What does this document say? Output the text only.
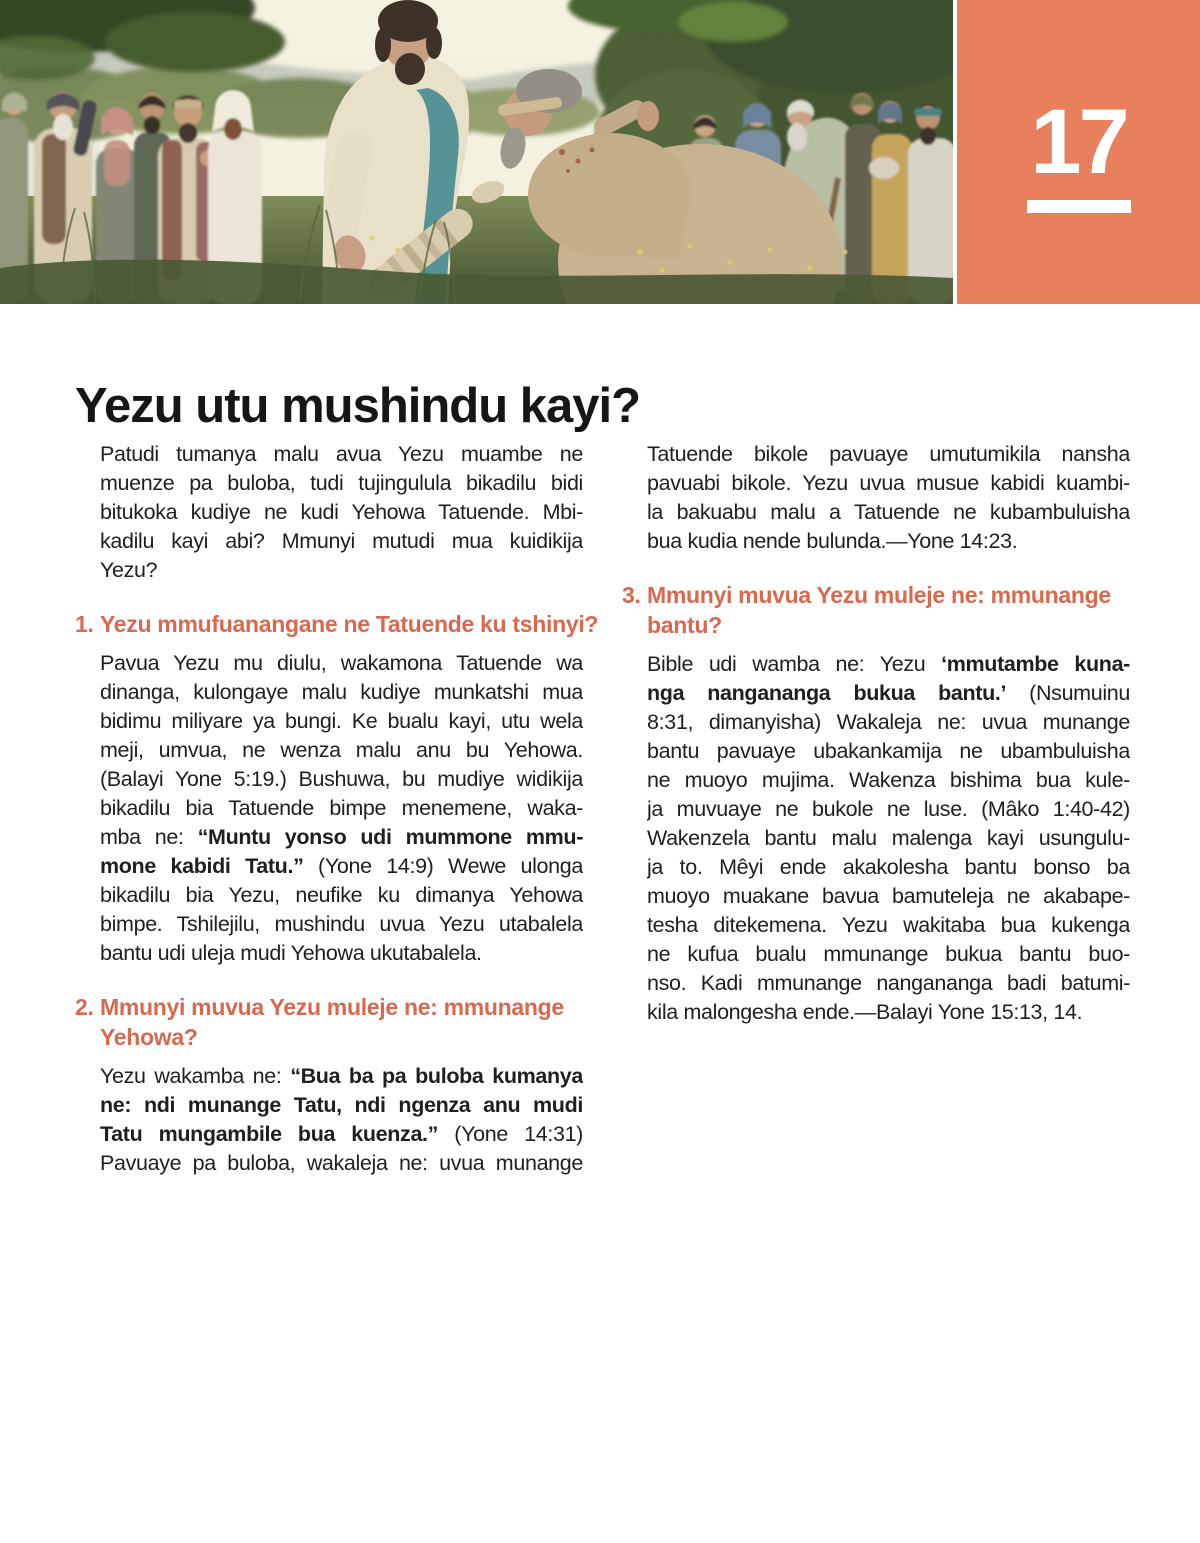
17
Yezu utu mushindu kayi?
Patudi tumanya malu avua Yezu muambe ne
muenze pa buloba, tudi tujingulula bikadilu bidi
bitukoka kudiye ne kudi Yehowa Tatuende. Mbi-
kadilu kayi abi? Mmunyi mutudi mua kuidikija
Yezu?
1. Yezu mmufuanangane ne Tatuende ku tshinyi?
Pavua Yezu mu diulu, wakamona Tatuende wa
dinanga, kulongaye malu kudiye munkatshi mua
bidimu miliyare ya bungi. Ke bualu kayi, utu wela
meji, umvua, ne wenza malu anu bu Yehowa.
(Balayi Yone 5:19.) Bushuwa, bu mudiye widikija
bikadilu bia Tatuende bimpe menemene, waka-
mba ne: “Muntu yonso udi mummone mmu-
mone kabidi Tatu.” (Yone 14:9) Wewe ulonga
bikadilu bia Yezu, neufike ku dimanya Yehowa
bimpe. Tshilejilu, mushindu uvua Yezu utabalela
bantu udi uleja mudi Yehowa ukutabalela.
2. Mmunyi muvua Yezu muleje ne: mmunange
Yehowa?
Yezu wakamba ne: “Bua ba pa buloba kumanya
ne: ndi munange Tatu, ndi ngenza anu mudi
Tatu mungambile bua kuenza.” (Yone 14:31)
Pavuaye pa buloba, wakaleja ne: uvua munange
Tatuende bikole pavuaye umutumikila nansha
pavuabi bikole. Yezu uvua musue kabidi kuambi-
la bakuabu malu a Tatuende ne kubambuluisha
bua kudia nende bulunda.—Yone 14:23.
3. Mmunyi muvua Yezu muleje ne: mmunange
bantu?
Bible udi wamba ne: Yezu ‘mmutambe kuna-
nga nangananga bukua bantu.’ (Nsumuinu
8:31, dimanyisha) Wakaleja ne: uvua munange
bantu pavuaye ubakankamija ne ubambuluisha
ne muoyo mujima. Wakenza bishima bua kule-
ja muvuaye ne bukole ne luse. (Mâko 1:40-42)
Wakenzela bantu malu malenga kayi usungulu-
ja to. Mêyi ende akakolesha bantu bonso ba
muoyo muakane bavua bamuteleja ne akabape-
tesha ditekemena. Yezu wakitaba bua kukenga
ne kufua bualu mmunange bukua bantu buo-
nso. Kadi mmunange nangananga badi batumi-
kila malongesha ende.—Balayi Yone 15:13, 14.
